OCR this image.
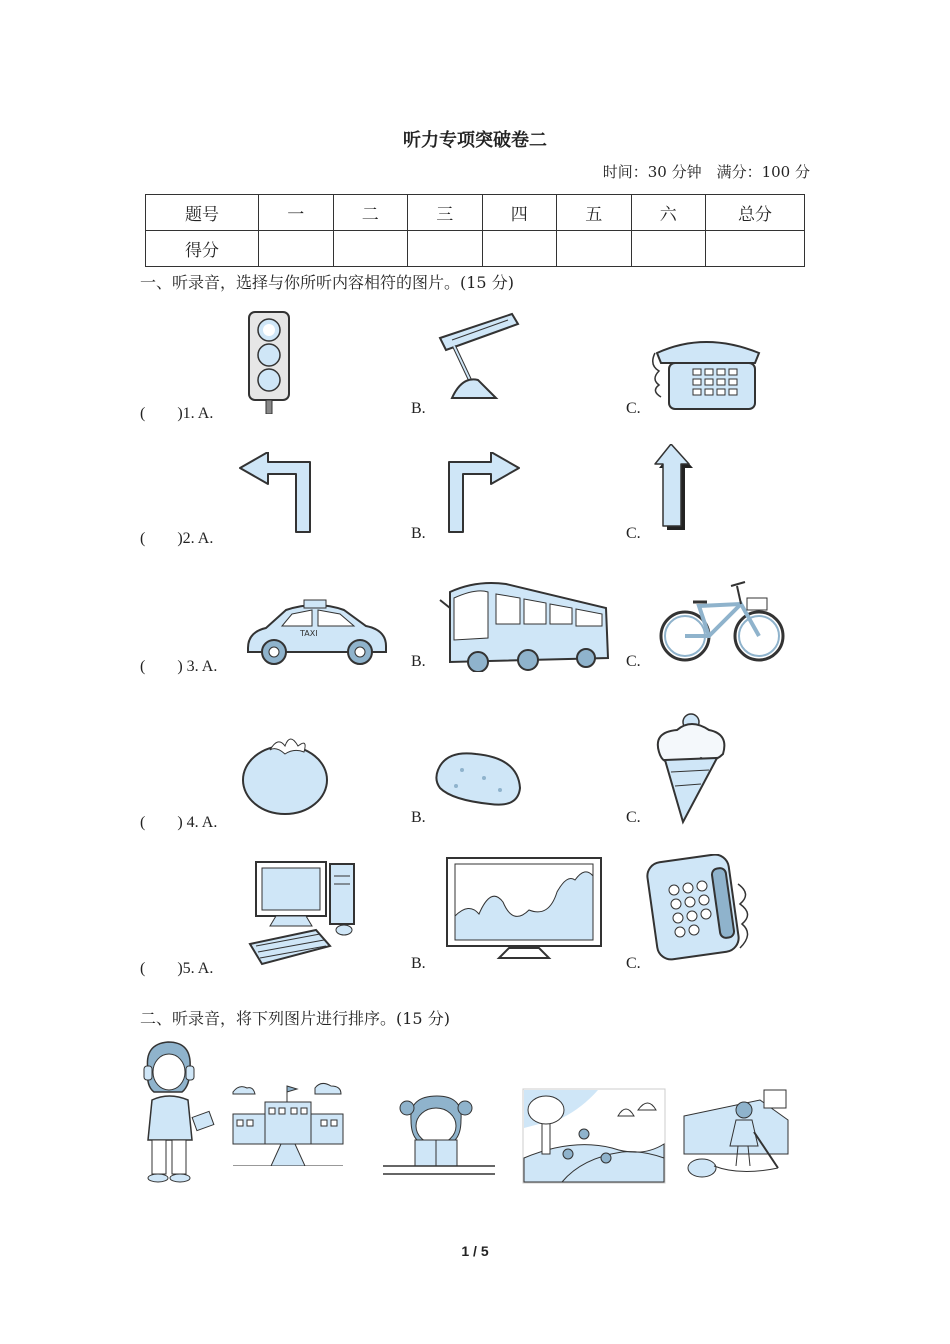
听力专项突破卷二
时间：30 分钟　满分：100 分
题号	一	二	三	四	五	六	总分
得分							
一、听录音，选择与你所听内容相符的图片。(15 分)
(　　)1. A.	B.	C.
(　　)2. A.	B.	C.
(　　) 3. A.	B.	C.
TAXI
(　　) 4. A.	B.	C.
(　　)5. A.	B.	C.
二、听录音，将下列图片进行排序。(15 分)
1 / 5
